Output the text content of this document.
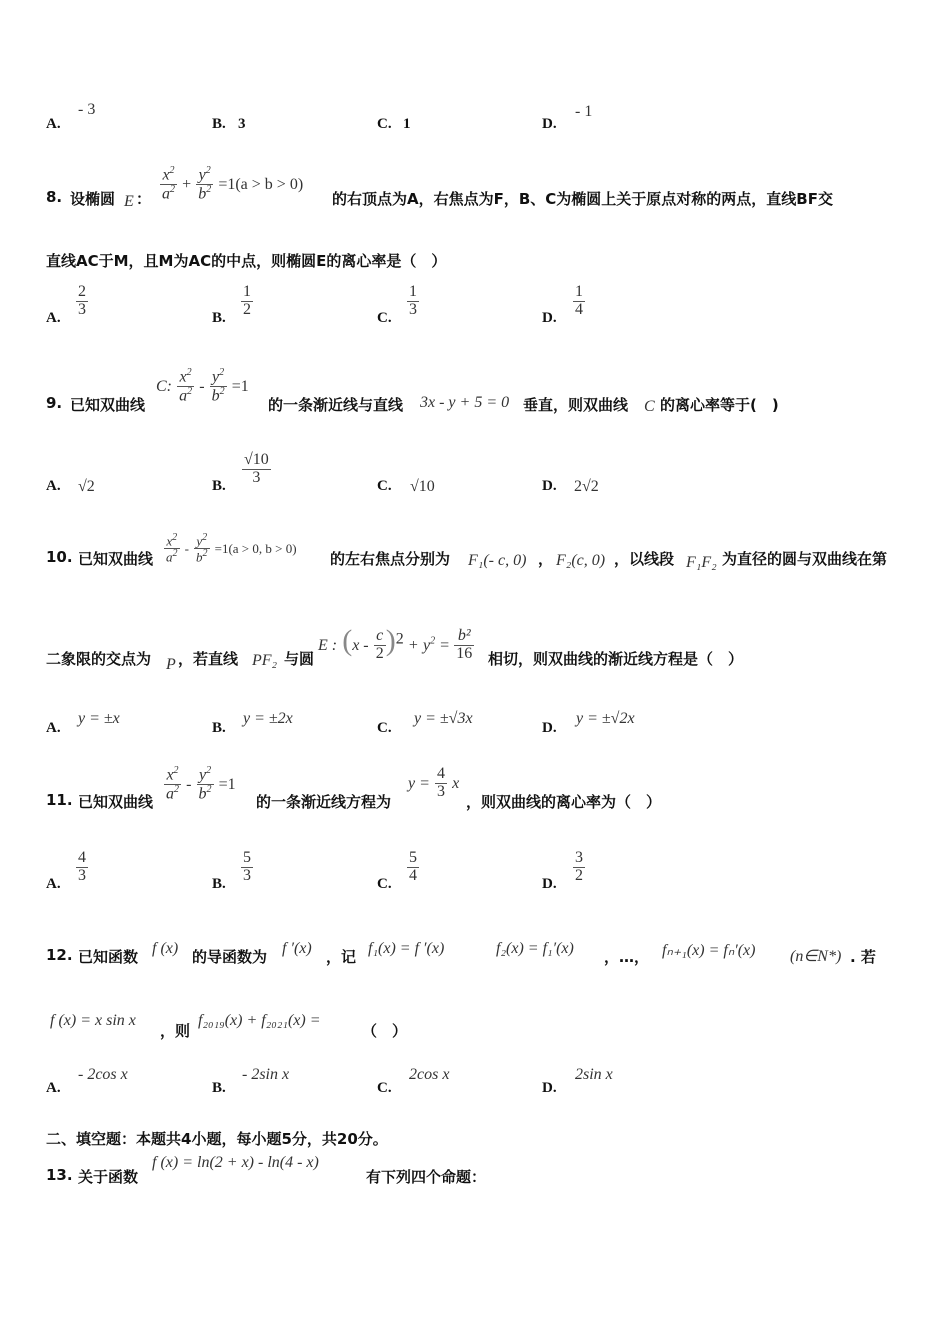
A.
- 3
B. 3	C. 1	D.
- 1
8. 设椭圆 E ： $\frac{x^2}{a^2} + \frac{y^2}{b^2} =1(a > b > 0)$
的右顶点为A，右焦点为F，B、C为椭圆上关于原点对称的两点，直线BF交
直线AC于M，且M为AC的中点，则椭圆E的离心率是（　）
A.
2
3
B.
1
2
C.
1
3
D.
1
4
9. 已知双曲线
C: $\frac{x^2}{a^2} - \frac{y^2}{b^2} =1$
的一条渐近线与直线 3x - y + 5 = 0 垂直，则双曲线 C 的离心率等于(　)
A. √2	B.
√10
3
C. √10	D. 2√2
10. 已知双曲线 $\frac{x^2}{a^2} - \frac{y^2}{b^2} =1(a > 0$, b > 0)
的左右焦点分别为 F₁(- c, 0) ， F₂(c, 0) ，以线段 F₁F₂ 为直径的圆与双曲线在第
二象限的交点为 P ，若直线 PF₂ 与圆
E : $(x - \frac{c}{2} )^2 + y^2 = \frac{\text{b²}}{16}$ 相切，则双曲线的渐近线方程是（　）
A.
y = ±x
B.
y = ±2x
C.
y = ±√3x
D.
y = ±√2x
11. 已知双曲线 $\frac{x^2}{a^2} - \frac{y^2}{b^2} =1$
的一条渐近线方程为
$y = \frac{4}{3}$ x
，则双曲线的离心率为（　）
A.
4
3
B.
5
3
C.
5
4
D.
3
2
12. 已知函数 f (x) 的导函数为 f ′(x) ，记 f₁(x) = f ′(x)	f₂(x) = f₁′(x) ，…， fₙ₊₁(x) = fₙ′(x) (n∈N*) . 若
f (x) = x sin x
，则
f₂₀₁₉(x) + f₂₀₂₁(x) =
（　）
A.
- 2cos x
B.
- 2sin x
C.
2cos x
D.
2sin x
二、填空题：本题共4小题，每小题5分，共20分。
13. 关于函数
f (x) = ln(2 + x) - ln(4 - x)
有下列四个命题：
